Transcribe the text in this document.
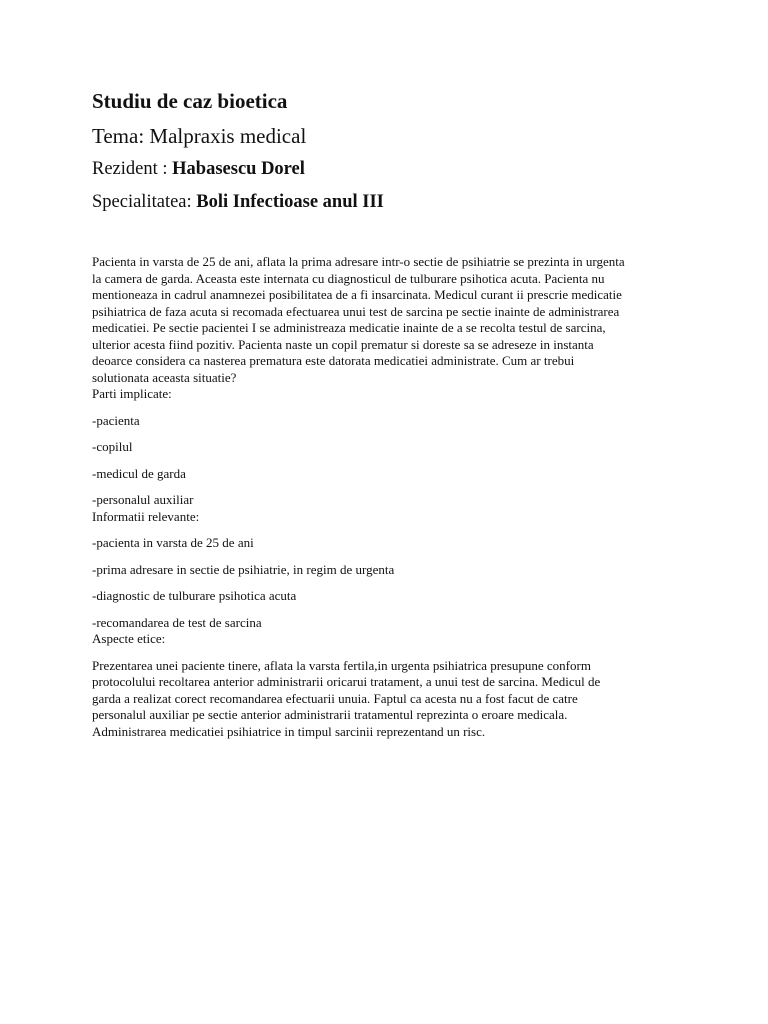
Studiu de caz bioetica

Tema: Malpraxis medical

Rezident : Habasescu Dorel

Specialitatea: Boli Infectioase anul III

Pacienta in varsta de 25 de ani, aflata la prima adresare intr-o sectie de psihiatrie se prezinta in urgenta
la camera de garda. Aceasta este internata cu diagnosticul de tulburare psihotica acuta. Pacienta nu
mentioneaza in cadrul anamnezei posibilitatea de a fi insarcinata. Medicul curant ii prescrie medicatie
psihiatrica de faza acuta si recomada efectuarea unui test de sarcina pe sectie inainte de administrarea
medicatiei. Pe sectie pacientei I se administreaza medicatie inainte de a se recolta testul de sarcina,
ulterior acesta fiind pozitiv. Pacienta naste un copil prematur si doreste sa se adreseze in instanta
deoarce considera ca nasterea prematura este datorata medicatiei administrate. Cum ar trebui
solutionata aceasta situatie?

Parti implicate:

-pacienta

-copilul

-medicul de garda

-personalul auxiliar

Informatii relevante:

-pacienta in varsta de 25 de ani

-prima adresare in sectie de psihiatrie, in regim de urgenta

-diagnostic de tulburare psihotica acuta

-recomandarea de test de sarcina

Aspecte etice:

Prezentarea unei paciente tinere, aflata la varsta fertila,in urgenta psihiatrica presupune conform
protocolului recoltarea anterior administrarii oricarui tratament, a unui test de sarcina. Medicul de
garda a realizat corect recomandarea efectuarii unuia. Faptul ca acesta nu a fost facut de catre
personalul auxiliar pe sectie anterior administrarii tratamentul reprezinta o eroare medicala.
Administrarea medicatiei psihiatrice in timpul sarcinii reprezentand un risc.
